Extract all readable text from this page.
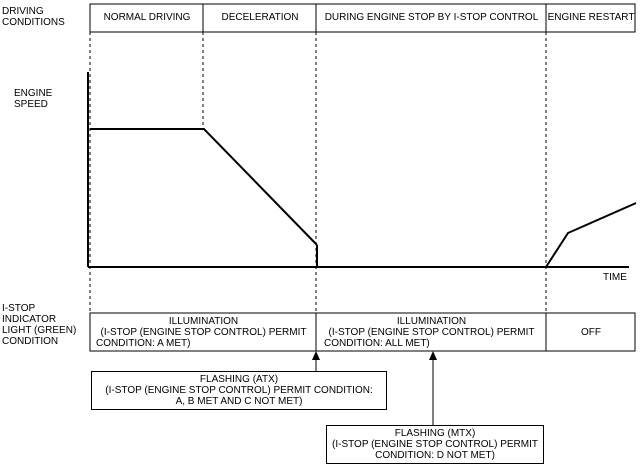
DRIVING
CONDITIONS
ENGINE
SPEED
I-STOP
INDICATOR
LIGHT (GREEN)
CONDITION
NORMAL DRIVING	DECELERATION	DURING ENGINE STOP BY I-STOP CONTROL ENGINE RESTART
TIME
ILLUMINATION
(I-STOP (ENGINE STOP CONTROL) PERMIT
CONDITION: A MET)
ILLUMINATION
(I-STOP (ENGINE STOP CONTROL) PERMIT
CONDITION: ALL MET)
OFF
FLASHING (ATX)
(I-STOP (ENGINE STOP CONTROL) PERMIT CONDITION:
A, B MET AND C NOT MET)
FLASHING (MTX)
(I-STOP (ENGINE STOP CONTROL) PERMIT
CONDITION: D NOT MET)
